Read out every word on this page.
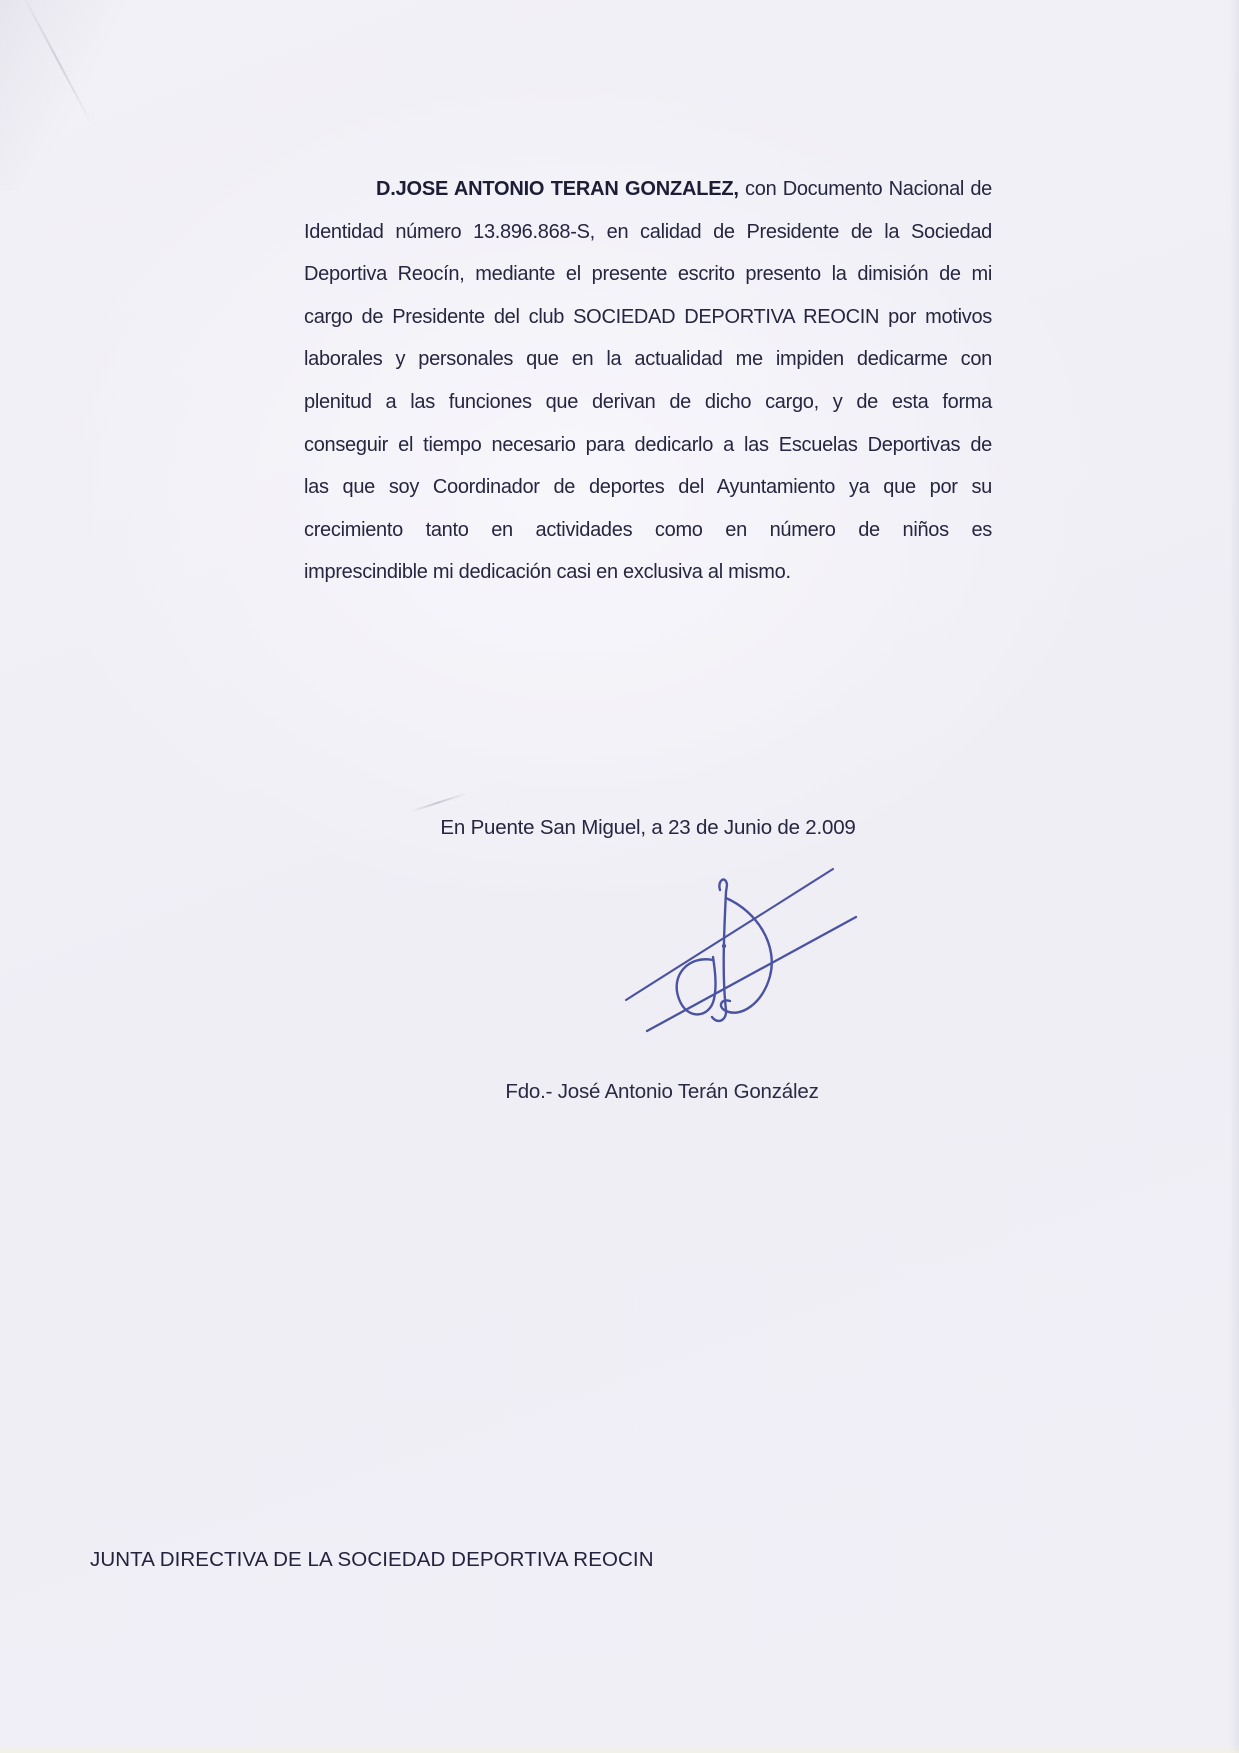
D.JOSE ANTONIO TERAN GONZALEZ, con Documento Nacional de
Identidad número 13.896.868-S, en calidad de Presidente de la Sociedad
Deportiva Reocín, mediante el presente escrito presento la dimisión de mi
cargo de Presidente del club SOCIEDAD DEPORTIVA REOCIN por motivos
laborales y personales que en la actualidad me impiden dedicarme con
plenitud a las funciones que derivan de dicho cargo, y de esta forma
conseguir el tiempo necesario para dedicarlo a las Escuelas Deportivas de
las que soy Coordinador de deportes del Ayuntamiento ya que por su
crecimiento tanto en actividades como en número de niños es
imprescindible mi dedicación casi en exclusiva al mismo.
En Puente San Miguel, a 23 de Junio de 2.009
Fdo.- José Antonio Terán González
JUNTA DIRECTIVA DE LA SOCIEDAD DEPORTIVA REOCIN
